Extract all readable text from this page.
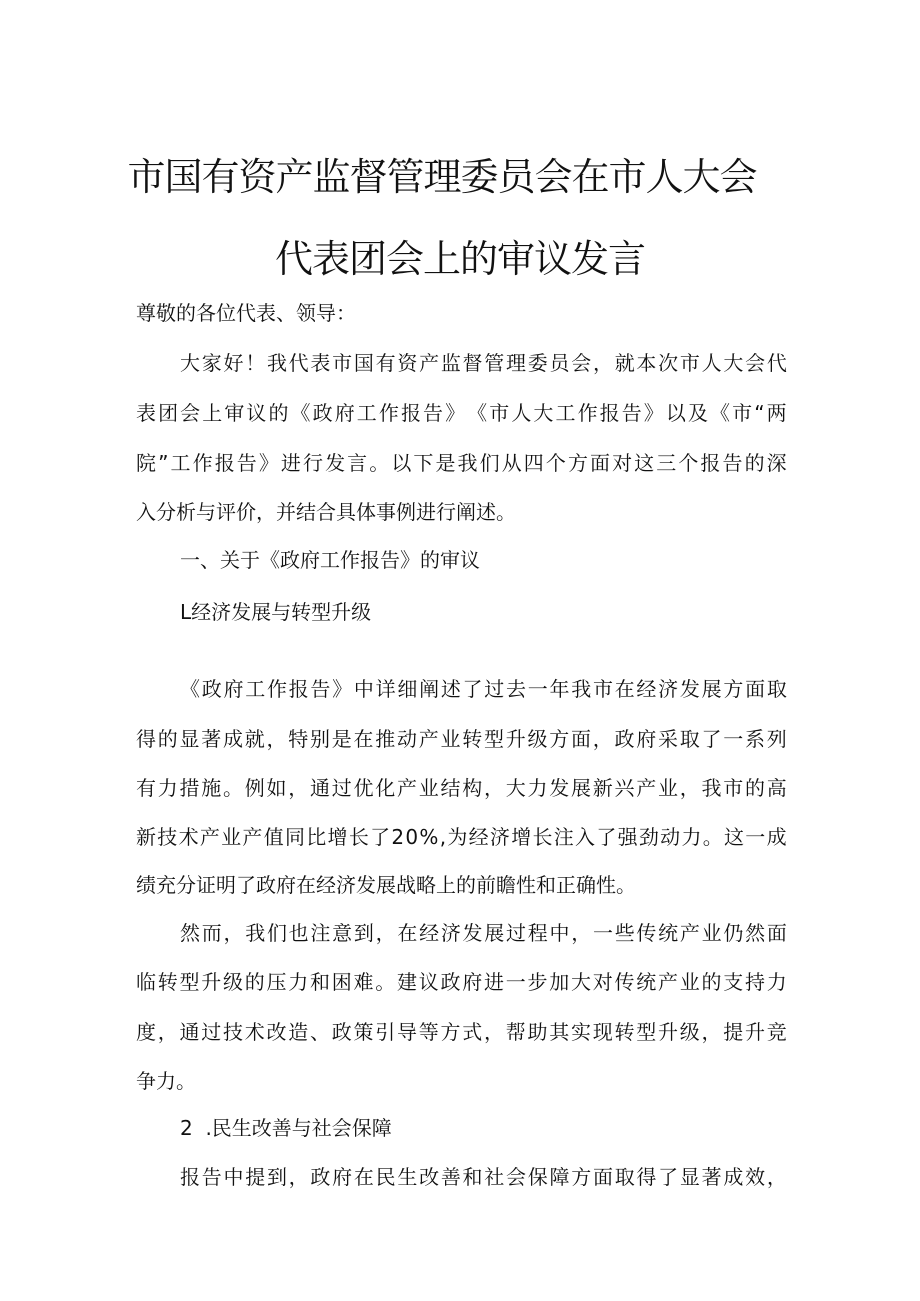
市国有资产监督管理委员会在市人大会
代表团会上的审议发言

尊敬的各位代表、领导：

大 家 好 ！ 我 代 表 市 国 有 资 产 监 督 管 理 委 员 会 ， 就 本 次 市 人 大 会 代

表 团 会 上 审 议 的 《 政 府 工 作 报 告 》 《 市 人 大 工 作 报 告 》 以 及 《 市 “ 两

院 ” 工 作 报 告 》 进 行 发 言 。 以 下 是 我 们 从 四 个 方 面 对 这 三 个 报 告 的 深

入分析与评价，并结合具体事例进行阐述。

一、关于《政府工作报告》的审议

L经济发展与转型升级

《 政 府 工 作 报 告 》 中 详 细 阐 述 了 过 去 一 年 我 市 在 经 济 发 展 方 面 取

得 的 显 著 成 就 ， 特 别 是 在 推 动 产 业 转 型 升 级 方 面 ， 政 府 采 取 了 一 系 列

有 力 措 施 。 例 如 ， 通 过 优 化 产 业 结 构 ， 大 力 发 展 新 兴 产 业 ， 我 市 的 高

新 技 术 产 业 产 值 同 比 增 长 了 2 0 % , 为 经 济 增 长 注 入 了 强 劲 动 力 。 这 一 成

绩充分证明了政府在经济发展战略上的前瞻性和正确性。

然 而 ， 我 们 也 注 意 到 ， 在 经 济 发 展 过 程 中 ， 一 些 传 统 产 业 仍 然 面

临 转 型 升 级 的 压 力 和 困 难 。 建 议 政 府 进 一 步 加 大 对 传 统 产 业 的 支 持 力

度 ， 通 过 技 术 改 造 、 政 策 引 导 等 方 式 ， 帮 助 其 实 现 转 型 升 级 ， 提 升 竞

争力。

2  .民生改善与社会保障

报 告 中 提 到 ， 政 府 在 民 生 改 善 和 社 会 保 障 方 面 取 得 了 显 著 成 效 ，
